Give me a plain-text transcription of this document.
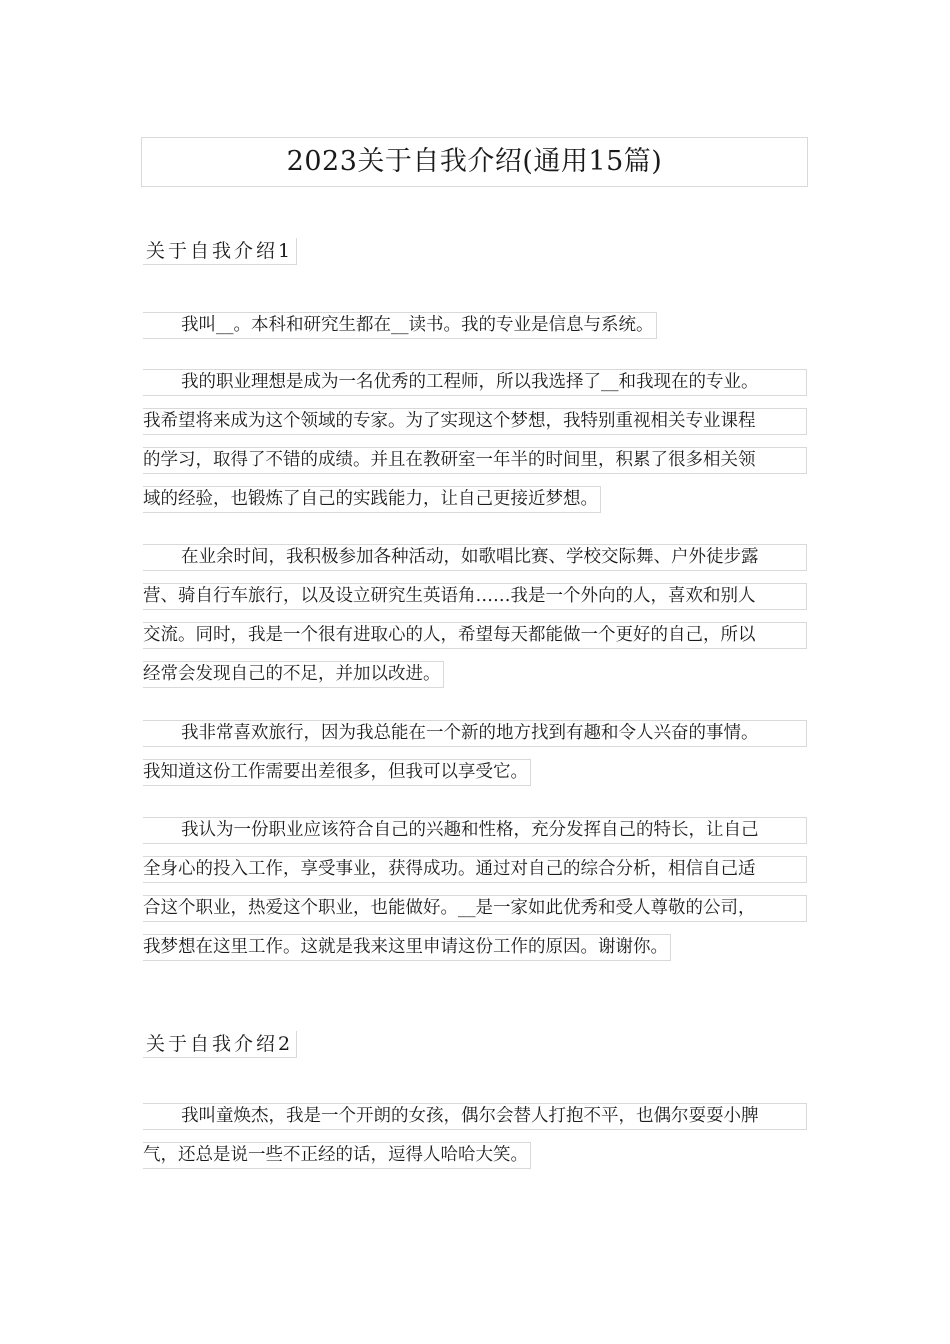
2023关于自我介绍(通用15篇)
关于自我介绍1
我叫__。本科和研究生都在__读书。我的专业是信息与系统。
我的职业理想是成为一名优秀的工程师，所以我选择了__和我现在的专业。
我希望将来成为这个领域的专家。为了实现这个梦想，我特别重视相关专业课程
的学习，取得了不错的成绩。并且在教研室一年半的时间里，积累了很多相关领
域的经验，也锻炼了自己的实践能力，让自己更接近梦想。
在业余时间，我积极参加各种活动，如歌唱比赛、学校交际舞、户外徒步露
营、骑自行车旅行，以及设立研究生英语角……我是一个外向的人，喜欢和别人
交流。同时，我是一个很有进取心的人，希望每天都能做一个更好的自己，所以
经常会发现自己的不足，并加以改进。
我非常喜欢旅行，因为我总能在一个新的地方找到有趣和令人兴奋的事情。
我知道这份工作需要出差很多，但我可以享受它。
我认为一份职业应该符合自己的兴趣和性格，充分发挥自己的特长，让自己
全身心的投入工作，享受事业，获得成功。通过对自己的综合分析，相信自己适
合这个职业，热爱这个职业，也能做好。__是一家如此优秀和受人尊敬的公司，
我梦想在这里工作。这就是我来这里申请这份工作的原因。谢谢你。
关于自我介绍2
我叫童焕杰，我是一个开朗的女孩，偶尔会替人打抱不平，也偶尔耍耍小脾
气，还总是说一些不正经的话，逗得人哈哈大笑。
